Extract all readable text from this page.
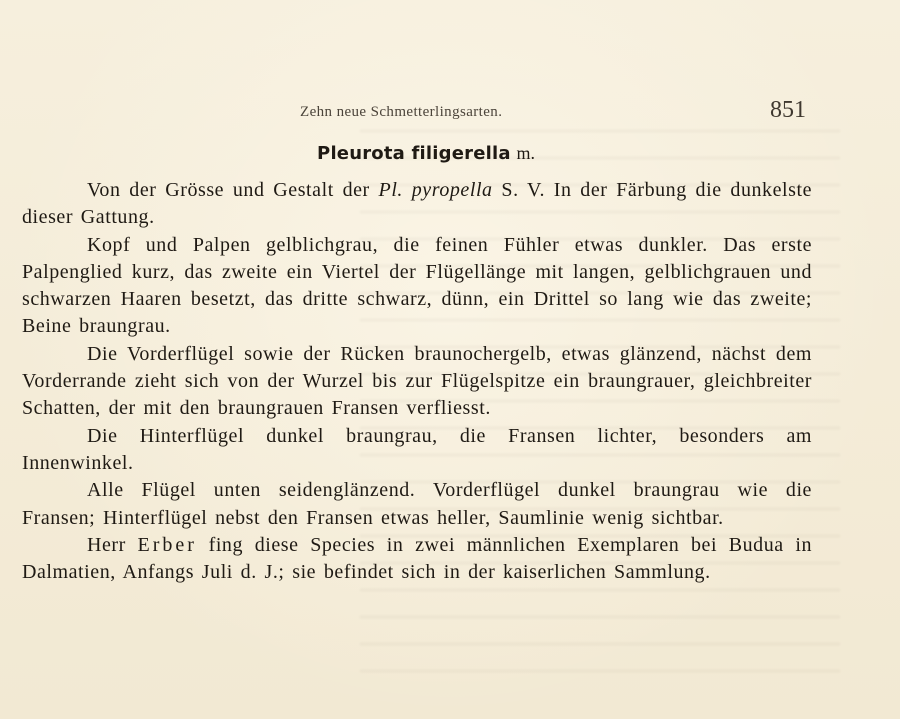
Zehn neue Schmetterlingsarten.	851
Pleurota filigerella m.

Von der Grösse und Gestalt der Pl. pyropella S. V. In der Färbung die dunkelste dieser Gattung.

Kopf und Palpen gelblichgrau, die feinen Fühler etwas dunkler. Das erste Palpenglied kurz, das zweite ein Viertel der Flügellänge mit langen, gelblichgrauen und schwarzen Haaren besetzt, das dritte schwarz, dünn, ein Drittel so lang wie das zweite; Beine braungrau.

Die Vorderflügel sowie der Rücken braunochergelb, etwas glänzend, nächst dem Vorderrande zieht sich von der Wurzel bis zur Flügelspitze ein braungrauer, gleichbreiter Schatten, der mit den braungrauen Fransen verfliesst.

Die Hinterflügel dunkel braungrau, die Fransen lichter, besonders am Innenwinkel.

Alle Flügel unten seidenglänzend. Vorderflügel dunkel braungrau wie die Fransen; Hinterflügel nebst den Fransen etwas heller, Saumlinie wenig sichtbar.

Herr Erber fing diese Species in zwei männlichen Exemplaren bei Budua in Dalmatien, Anfangs Juli d. J.; sie befindet sich in der kaiserlichen Sammlung.
